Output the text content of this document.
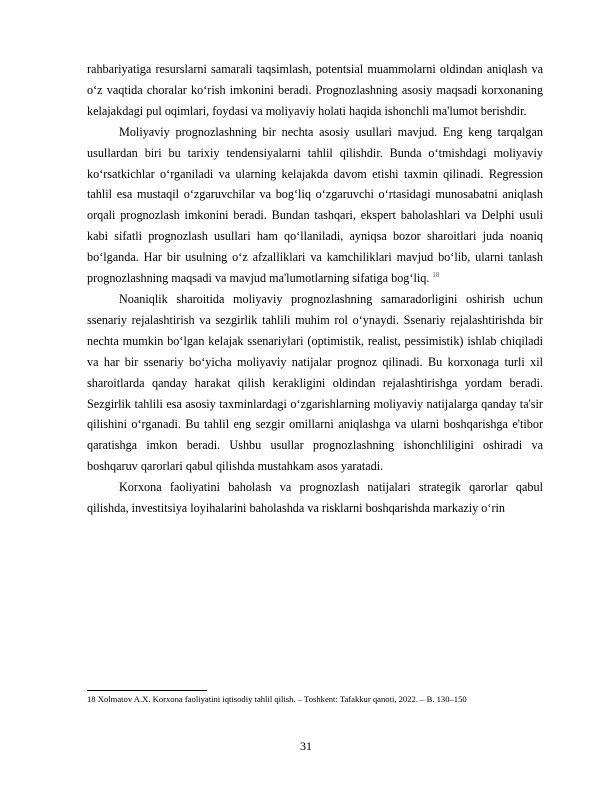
rahbariyatiga resurslarni samarali taqsimlash, potentsial muammolarni oldindan aniqlash va o‘z vaqtida choralar ko‘rish imkonini beradi. Prognozlashning asosiy maqsadi korxonaning kelajakdagi pul oqimlari, foydasi va moliyaviy holati haqida ishonchli ma'lumot berishdir.

Moliyaviy prognozlashning bir nechta asosiy usullari mavjud. Eng keng tarqalgan usullardan biri bu tarixiy tendensiyalarni tahlil qilishdir. Bunda o‘tmishdagi moliyaviy ko‘rsatkichlar o‘rganiladi va ularning kelajakda davom etishi taxmin qilinadi. Regression tahlil esa mustaqil o‘zgaruvchilar va bog‘liq o‘zgaruvchi o‘rtasidagi munosabatni aniqlash orqali prognozlash imkonini beradi. Bundan tashqari, ekspert baholashlari va Delphi usuli kabi sifatli prognozlash usullari ham qo‘llaniladi, ayniqsa bozor sharoitlari juda noaniq bo‘lganda. Har bir usulning o‘z afzalliklari va kamchiliklari mavjud bo‘lib, ularni tanlash prognozlashning maqsadi va mavjud ma'lumotlarning sifatiga bog‘liq. $^{18}$

Noaniqlik sharoitida moliyaviy prognozlashning samaradorligini oshirish uchun ssenariy rejalashtirish va sezgirlik tahlili muhim rol o‘ynaydi. Ssenariy rejalashtirishda bir nechta mumkin bo‘lgan kelajak ssenariylari (optimistik, realist, pessimistik) ishlab chiqiladi va har bir ssenariy bo‘yicha moliyaviy natijalar prognoz qilinadi. Bu korxonaga turli xil sharoitlarda qanday harakat qilish kerakligini oldindan rejalashtirishga yordam beradi. Sezgirlik tahlili esa asosiy taxminlardagi o‘zgarishlarning moliyaviy natijalarga qanday ta'sir qilishini o‘rganadi. Bu tahlil eng sezgir omillarni aniqlashga va ularni boshqarishga e'tibor qaratishga imkon beradi. Ushbu usullar prognozlashning ishonchliligini oshiradi va boshqaruv qarorlari qabul qilishda mustahkam asos yaratadi.

Korxona faoliyatini baholash va prognozlash natijalari strategik qarorlar qabul qilishda, investitsiya loyihalarini baholashda va risklarni boshqarishda markaziy o‘rin

18 Xolmatov A.X. Korxona faoliyatini iqtisodiy tahlil qilish. – Toshkent: Tafakkur qanoti, 2022. – B. 130–150
31
